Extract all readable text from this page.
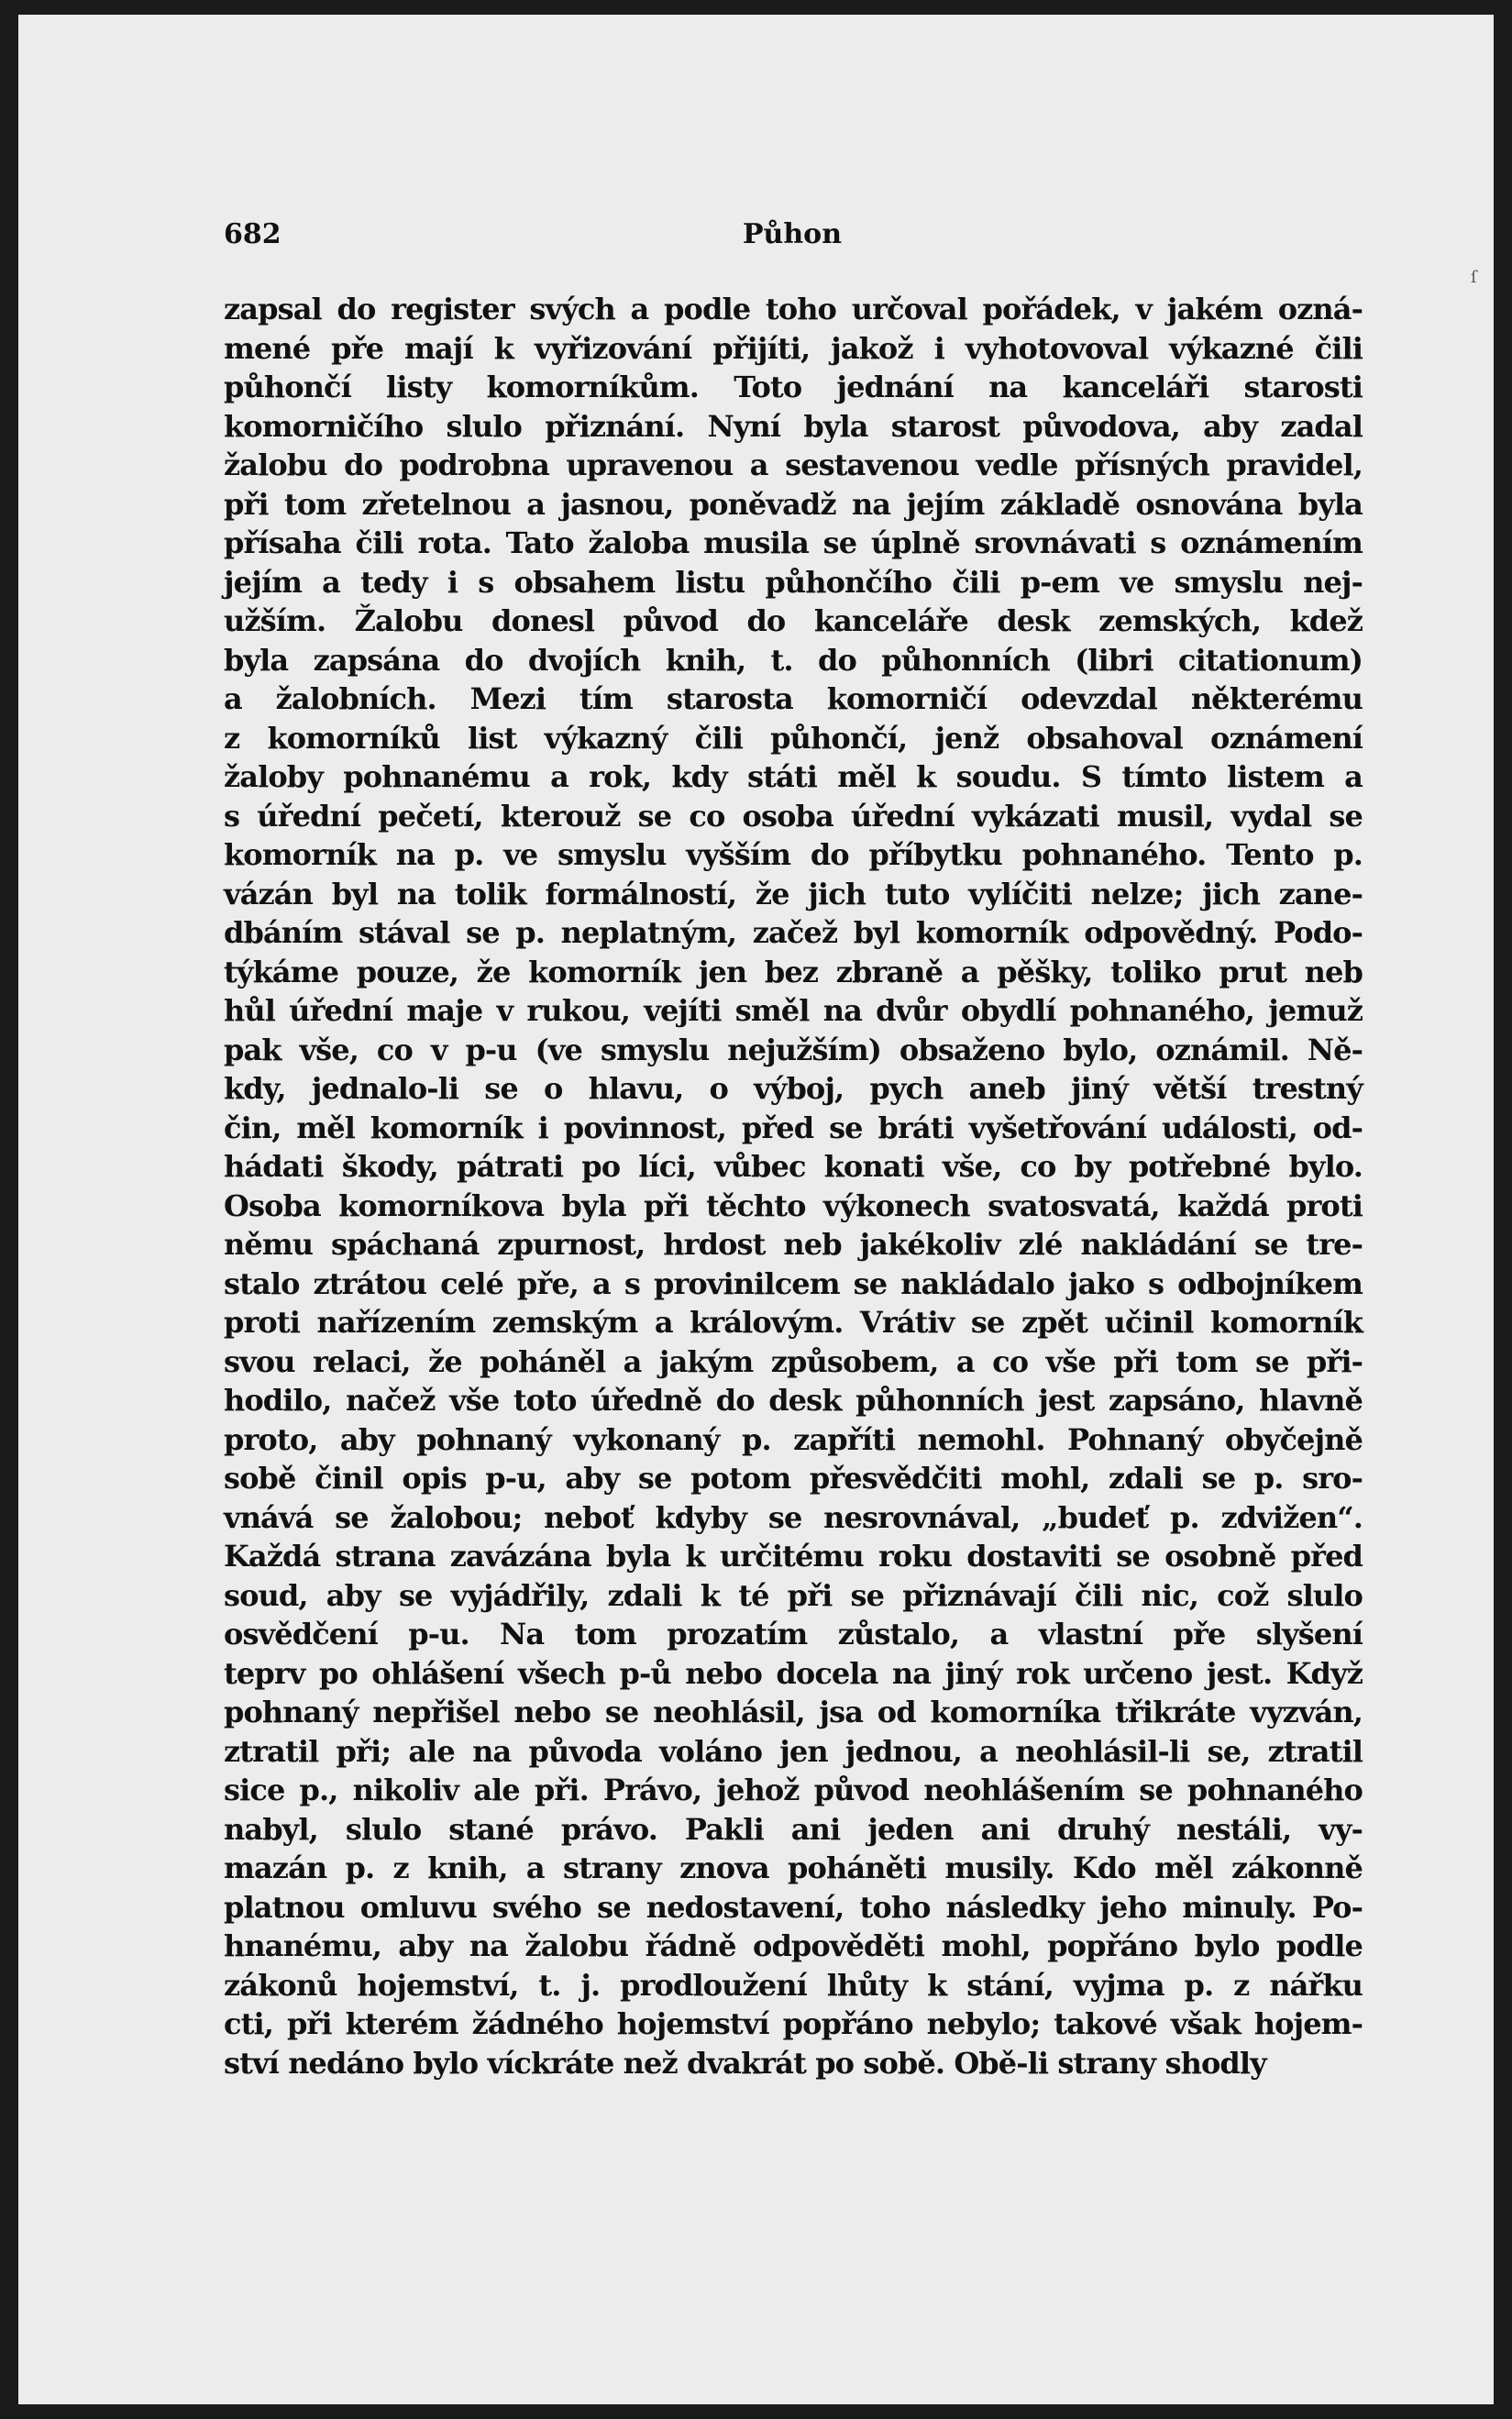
682	Půhon
zapsal do register svých a podle toho určoval pořádek, v jakém ozná-
mené pře mají k vyřizování přijíti, jakož i vyhotovoval výkazné čili
půhončí listy komorníkům. Toto jednání na kanceláři starosti
komorničího slulo přiznání. Nyní byla starost původova, aby zadal
žalobu do podrobna upravenou a sestavenou vedle přísných pravidel,
při tom zřetelnou a jasnou, poněvadž na jejím základě osnována byla
přísaha čili rota. Tato žaloba musila se úplně srovnávati s oznámením
jejím a tedy i s obsahem listu půhončího čili p-em ve smyslu nej-
užším. Žalobu donesl původ do kanceláře desk zemských, kdež
byla zapsána do dvojích knih, t. do půhonních (libri citationum)
a žalobních. Mezi tím starosta komorničí odevzdal některému
z komorníků list výkazný čili půhončí, jenž obsahoval oznámení
žaloby pohnanému a rok, kdy státi měl k soudu. S tímto listem a
s úřední pečetí, kterouž se co osoba úřední vykázati musil, vydal se
komorník na p. ve smyslu vyšším do příbytku pohnaného. Tento p.
vázán byl na tolik formálností, že jich tuto vylíčiti nelze; jich zane-
dbáním stával se p. neplatným, začež byl komorník odpovědný. Podo-
týkáme pouze, že komorník jen bez zbraně a pěšky, toliko prut neb
hůl úřední maje v rukou, vejíti směl na dvůr obydlí pohnaného, jemuž
pak vše, co v p-u (ve smyslu nejužším) obsaženo bylo, oznámil. Ně-
kdy, jednalo-li se o hlavu, o výboj, pych aneb jiný větší trestný
čin, měl komorník i povinnost, před se bráti vyšetřování události, od-
hádati škody, pátrati po líci, vůbec konati vše, co by potřebné bylo.
Osoba komorníkova byla při těchto výkonech svatosvatá, každá proti
němu spáchaná zpurnost, hrdost neb jakékoliv zlé nakládání se tre-
stalo ztrátou celé pře, a s provinilcem se nakládalo jako s odbojníkem
proti nařízením zemským a královým. Vrátiv se zpět učinil komorník
svou relaci, že poháněl a jakým způsobem, a co vše při tom se při-
hodilo, načež vše toto úředně do desk půhonních jest zapsáno, hlavně
proto, aby pohnaný vykonaný p. zapříti nemohl. Pohnaný obyčejně
sobě činil opis p-u, aby se potom přesvědčiti mohl, zdali se p. sro-
vnává se žalobou; neboť kdyby se nesrovnával, „budeť p. zdvižen“.
Každá strana zavázána byla k určitému roku dostaviti se osobně před
soud, aby se vyjádřily, zdali k té při se přiznávají čili nic, což slulo
osvědčení p-u. Na tom prozatím zůstalo, a vlastní pře slyšení
teprv po ohlášení všech p-ů nebo docela na jiný rok určeno jest. Když
pohnaný nepřišel nebo se neohlásil, jsa od komorníka třikráte vyzván,
ztratil při; ale na původa voláno jen jednou, a neohlásil-li se, ztratil
sice p., nikoliv ale při. Právo, jehož původ neohlášením se pohnaného
nabyl, slulo stané právo. Pakli ani jeden ani druhý nestáli, vy-
mazán p. z knih, a strany znova poháněti musily. Kdo měl zákonně
platnou omluvu svého se nedostavení, toho následky jeho minuly. Po-
hnanému, aby na žalobu řádně odpověděti mohl, popřáno bylo podle
zákonů hojemství, t. j. prodloužení lhůty k stání, vyjma p. z nářku
cti, při kterém žádného hojemství popřáno nebylo; takové však hojem-
ství nedáno bylo víckráte než dvakrát po sobě. Obě-li strany shodly
ſ
